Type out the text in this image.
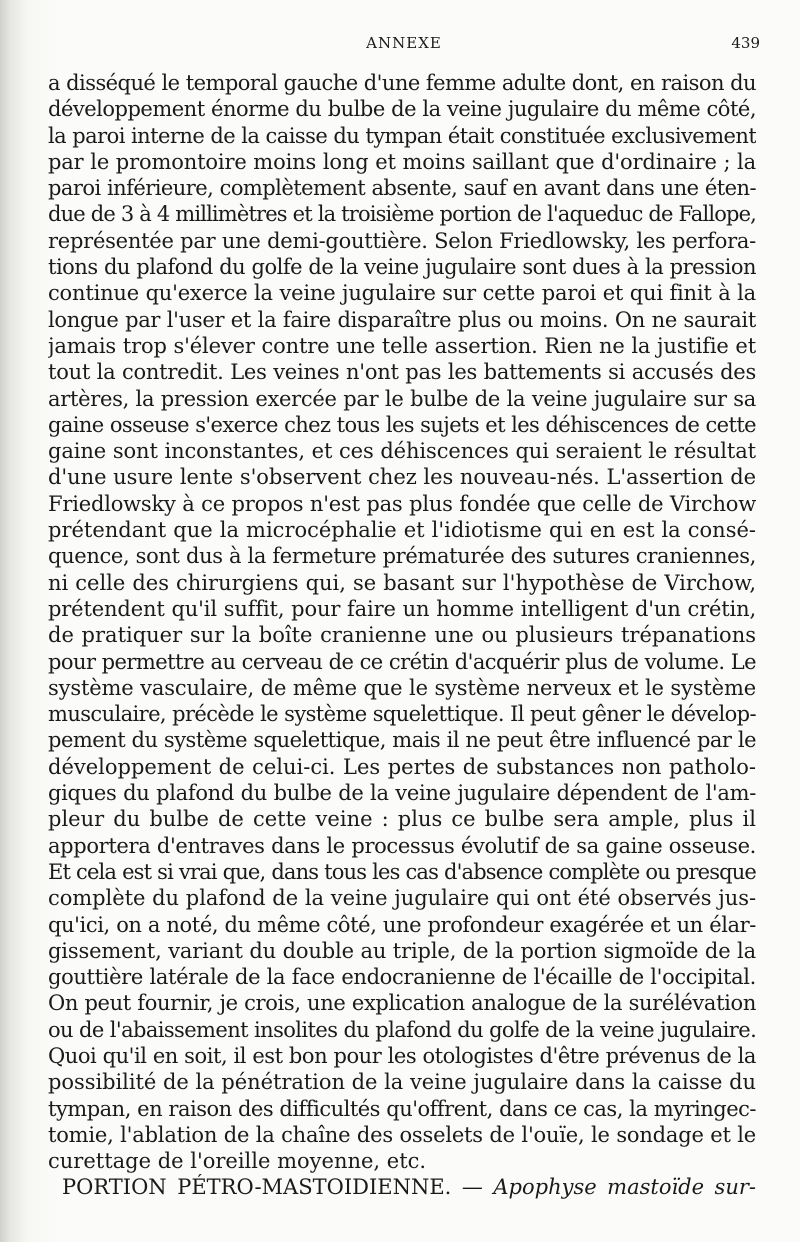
ANNEXE	439
a disséqué le temporal gauche d'une femme adulte dont, en raison du
développement énorme du bulbe de la veine jugulaire du même côté,
la paroi interne de la caisse du tympan était constituée exclusivement
par le promontoire moins long et moins saillant que d'ordinaire ; la
paroi inférieure, complètement absente, sauf en avant dans une éten-
due de 3 à 4 millimètres et la troisième portion de l'aqueduc de Fallope,
représentée par une demi-gouttière. Selon Friedlowsky, les perfora-
tions du plafond du golfe de la veine jugulaire sont dues à la pression
continue qu'exerce la veine jugulaire sur cette paroi et qui finit à la
longue par l'user et la faire disparaître plus ou moins. On ne saurait
jamais trop s'élever contre une telle assertion. Rien ne la justifie et
tout la contredit. Les veines n'ont pas les battements si accusés des
artères, la pression exercée par le bulbe de la veine jugulaire sur sa
gaine osseuse s'exerce chez tous les sujets et les déhiscences de cette
gaine sont inconstantes, et ces déhiscences qui seraient le résultat
d'une usure lente s'observent chez les nouveau-nés. L'assertion de
Friedlowsky à ce propos n'est pas plus fondée que celle de Virchow
prétendant que la microcéphalie et l'idiotisme qui en est la consé-
quence, sont dus à la fermeture prématurée des sutures craniennes,
ni celle des chirurgiens qui, se basant sur l'hypothèse de Virchow,
prétendent qu'il suffit, pour faire un homme intelligent d'un crétin,
de pratiquer sur la boîte cranienne une ou plusieurs trépanations
pour permettre au cerveau de ce crétin d'acquérir plus de volume. Le
système vasculaire, de même que le système nerveux et le système
musculaire, précède le système squelettique. Il peut gêner le dévelop-
pement du système squelettique, mais il ne peut être influencé par le
développement de celui-ci. Les pertes de substances non patholo-
giques du plafond du bulbe de la veine jugulaire dépendent de l'am-
pleur du bulbe de cette veine : plus ce bulbe sera ample, plus il
apportera d'entraves dans le processus évolutif de sa gaine osseuse.
Et cela est si vrai que, dans tous les cas d'absence complète ou presque
complète du plafond de la veine jugulaire qui ont été observés jus-
qu'ici, on a noté, du même côté, une profondeur exagérée et un élar-
gissement, variant du double au triple, de la portion sigmoïde de la
gouttière latérale de la face endocranienne de l'écaille de l'occipital.
On peut fournir, je crois, une explication analogue de la surélévation
ou de l'abaissement insolites du plafond du golfe de la veine jugulaire.
Quoi qu'il en soit, il est bon pour les otologistes d'être prévenus de la
possibilité de la pénétration de la veine jugulaire dans la caisse du
tympan, en raison des difficultés qu'offrent, dans ce cas, la myringec-
tomie, l'ablation de la chaîne des osselets de l'ouïe, le sondage et le
curettage de l'oreille moyenne, etc.
PORTION PÉTRO-MASTOIDIENNE. — Apophyse mastoïde sur-
